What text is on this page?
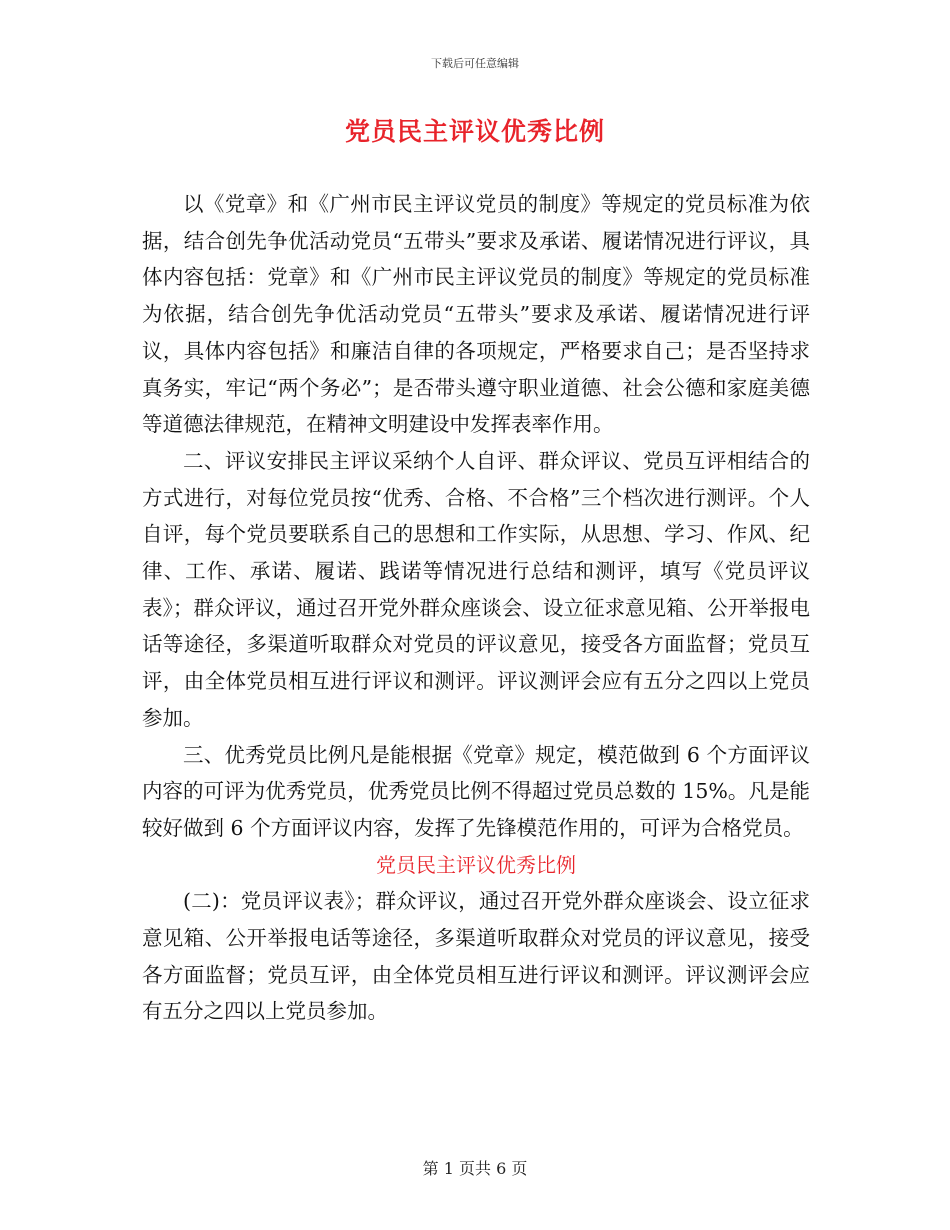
下载后可任意编辑
党员民主评议优秀比例

以《党章》和《广州市民主评议党员的制度》等规定的党员标准为依据，结合创先争优活动党员“五带头”要求及承诺、履诺情况进行评议，具体内容包括：党章》和《广州市民主评议党员的制度》等规定的党员标准为依据，结合创先争优活动党员“五带头”要求及承诺、履诺情况进行评议，具体内容包括》和廉洁自律的各项规定，严格要求自己；是否坚持求真务实，牢记“两个务必”；是否带头遵守职业道德、社会公德和家庭美德等道德法律规范，在精神文明建设中发挥表率作用。

二、评议安排民主评议采纳个人自评、群众评议、党员互评相结合的方式进行，对每位党员按“优秀、合格、不合格”三个档次进行测评。个人自评，每个党员要联系自己的思想和工作实际，从思想、学习、作风、纪律、工作、承诺、履诺、践诺等情况进行总结和测评，填写《党员评议表》；群众评议，通过召开党外群众座谈会、设立征求意见箱、公开举报电话等途径，多渠道听取群众对党员的评议意见，接受各方面监督；党员互评，由全体党员相互进行评议和测评。评议测评会应有五分之四以上党员参加。

三、优秀党员比例凡是能根据《党章》规定，模范做到 6 个方面评议内容的可评为优秀党员，优秀党员比例不得超过党员总数的 15%。凡是能较好做到 6 个方面评议内容，发挥了先锋模范作用的，可评为合格党员。

党员民主评议优秀比例

(二)：党员评议表》；群众评议，通过召开党外群众座谈会、设立征求意见箱、公开举报电话等途径，多渠道听取群众对党员的评议意见，接受各方面监督；党员互评，由全体党员相互进行评议和测评。评议测评会应有五分之四以上党员参加。

第 1 页共 6 页
